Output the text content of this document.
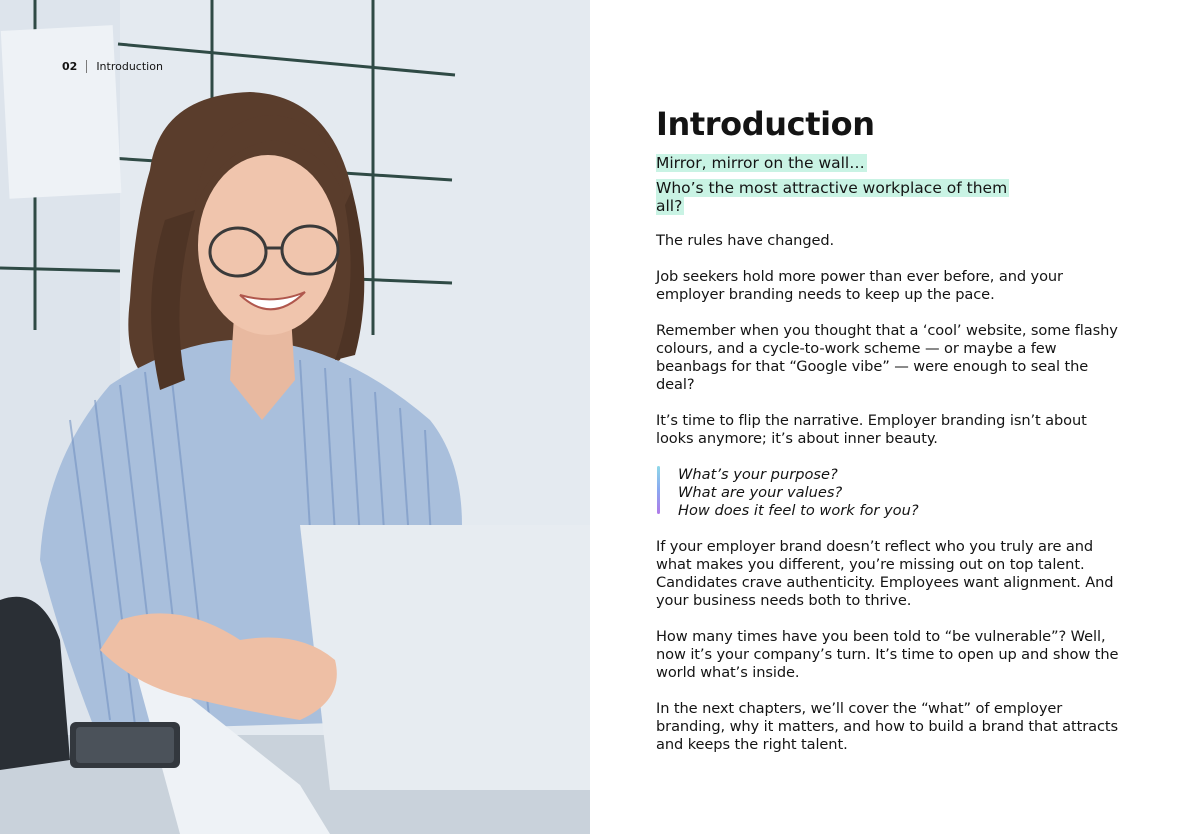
02 Introduction
Introduction

Mirror, mirror on the wall…

Who’s the most attractive workplace of them all?

The rules have changed.

Job seekers hold more power than ever before, and your employer branding needs to keep up the pace.

Remember when you thought that a ‘cool’ website, some flashy colours, and a cycle-to-work scheme — or maybe a few beanbags for that “Google vibe” — were enough to seal the deal?

It’s time to flip the narrative. Employer branding isn’t about looks anymore; it’s about inner beauty.

What’s your purpose?

What are your values?

How does it feel to work for you?

If your employer brand doesn’t reflect who you truly are and what makes you different, you’re missing out on top talent. Candidates crave authenticity. Employees want alignment. And your business needs both to thrive.

How many times have you been told to “be vulnerable”? Well, now it’s your company’s turn. It’s time to open up and show the world what’s inside.

In the next chapters, we’ll cover the “what” of employer branding, why it matters, and how to build a brand that attracts and keeps the right talent.
